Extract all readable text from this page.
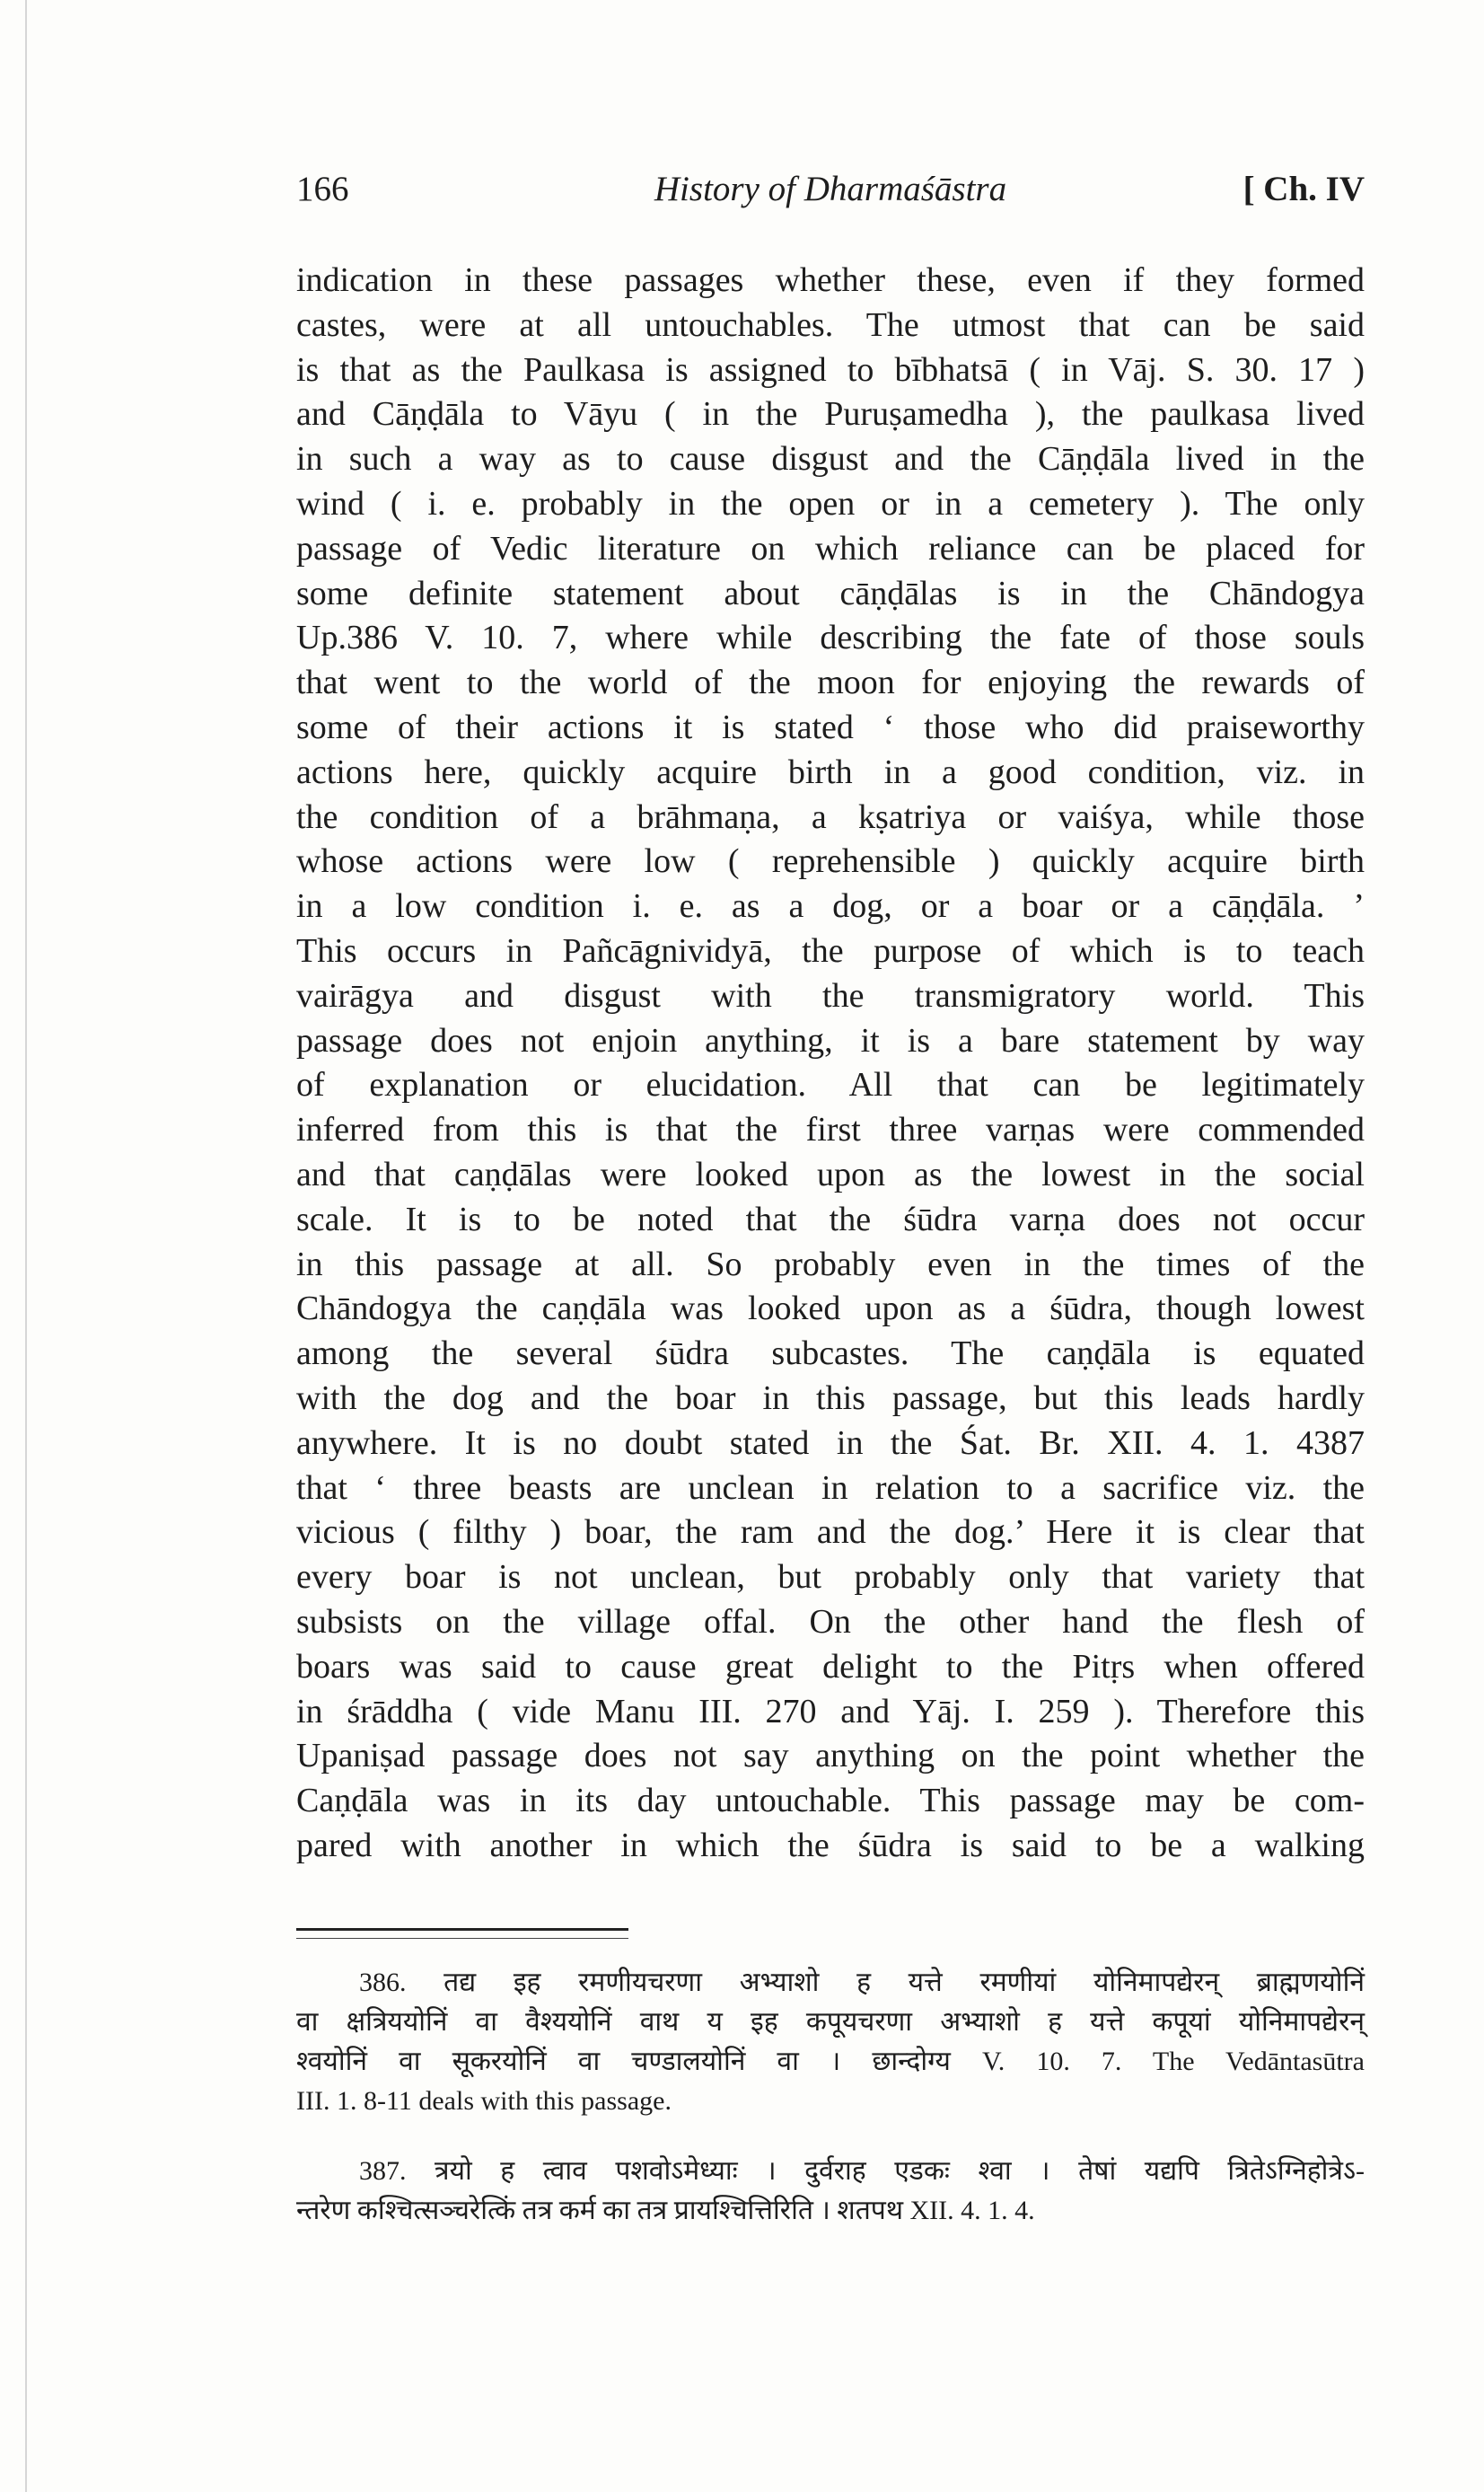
166	History of Dharmaśāstra	[ Ch. IV
indication in these passages whether these, even if they formed
castes, were at all untouchables. The utmost that can be said
is that as the Paulkasa is assigned to bībhatsā ( in Vāj. S. 30. 17 )
and Cāṇḍāla to Vāyu ( in the Puruṣamedha ), the paulkasa lived
in such a way as to cause disgust and the Cāṇḍāla lived in the
wind ( i. e. probably in the open or in a cemetery ). The only
passage of Vedic literature on which reliance can be placed for
some definite statement about cāṇḍālas is in the Chāndogya
Up.386 V. 10. 7, where while describing the fate of those souls
that went to the world of the moon for enjoying the rewards of
some of their actions it is stated ‘ those who did praiseworthy
actions here, quickly acquire birth in a good condition, viz. in
the condition of a brāhmaṇa, a kṣatriya or vaiśya, while those
whose actions were low ( reprehensible ) quickly acquire birth
in a low condition i. e. as a dog, or a boar or a cāṇḍāla. ’
This occurs in Pañcāgnividyā, the purpose of which is to teach
vairāgya and disgust with the transmigratory world. This
passage does not enjoin anything, it is a bare statement by way
of explanation or elucidation. All that can be legitimately
inferred from this is that the first three varṇas were commended
and that caṇḍālas were looked upon as the lowest in the social
scale. It is to be noted that the śūdra varṇa does not occur
in this passage at all. So probably even in the times of the
Chāndogya the caṇḍāla was looked upon as a śūdra, though lowest
among the several śūdra subcastes. The caṇḍāla is equated
with the dog and the boar in this passage, but this leads hardly
anywhere. It is no doubt stated in the Śat. Br. XII. 4. 1. 4387
that ‘ three beasts are unclean in relation to a sacrifice viz. the
vicious ( filthy ) boar, the ram and the dog.’ Here it is clear that
every boar is not unclean, but probably only that variety that
subsists on the village offal. On the other hand the flesh of
boars was said to cause great delight to the Pitṛs when offered
in śrāddha ( vide Manu III. 270 and Yāj. I. 259 ). Therefore this
Upaniṣad passage does not say anything on the point whether the
Caṇḍāla was in its day untouchable. This passage may be com-
pared with another in which the śūdra is said to be a walking
386. तद्य इह रमणीयचरणा अभ्याशो ह यत्ते रमणीयां योनिमापद्येरन् ब्राह्मणयोनिं
वा क्षत्रिययोनिं वा वैश्ययोनिं वाथ य इह कपूयचरणा अभ्याशो ह यत्ते कपूयां योनिमापद्येरन्
श्वयोनिं वा सूकरयोनिं वा चण्डालयोनिं वा । छान्दोग्य V. 10. 7. The Vedāntasūtra
III. 1. 8-11 deals with this passage.
387. त्रयो ह त्वाव पशवोऽमेध्याः । दुर्वराह एडकः श्वा । तेषां यद्यपि त्रितेऽग्निहोत्रेऽ-
न्तरेण कश्चित्सञ्चरेत्किं तत्र कर्म का तत्र प्रायश्चित्तिरिति । शतपथ XII. 4. 1. 4.
